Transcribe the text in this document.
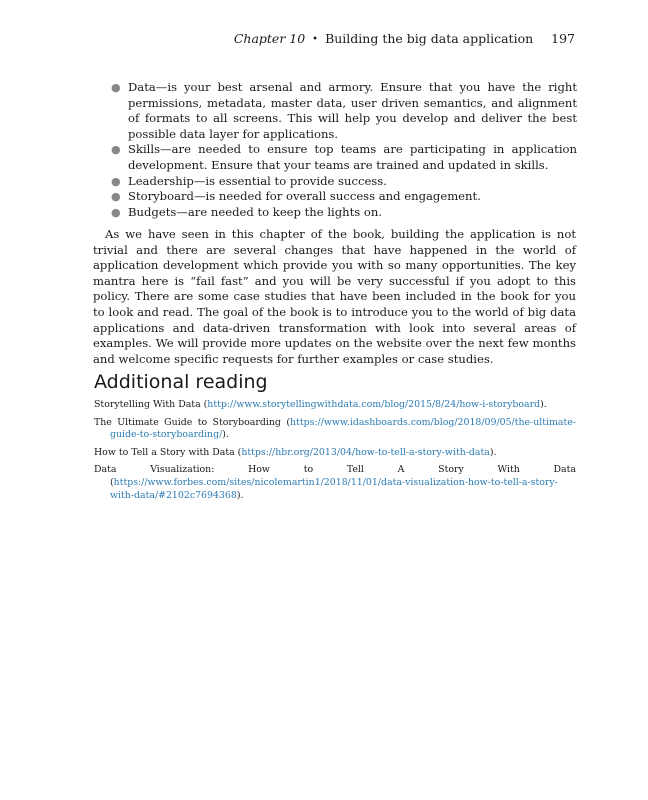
Chapter 10 • Building the big data application 197
● Data—is your best arsenal and armory. Ensure that you have the right permissions, metadata, master data, user driven semantics, and alignment of formats to all screens. This will help you develop and deliver the best possible data layer for applications.
● Skills—are needed to ensure top teams are participating in application development. Ensure that your teams are trained and updated in skills.
● Leadership—is essential to provide success.
● Storyboard—is needed for overall success and engagement.
● Budgets—are needed to keep the lights on.

As we have seen in this chapter of the book, building the application is not trivial and there are several changes that have happened in the world of application development which provide you with so many opportunities. The key mantra here is “fail fast” and you will be very successful if you adopt to this policy. There are some case studies that have been included in the book for you to look and read. The goal of the book is to introduce you to the world of big data applications and data-driven transformation with look into several areas of examples. We will provide more updates on the website over the next few months and welcome specific requests for further examples or case studies.

Additional reading
Storytelling With Data (http://www.storytellingwithdata.com/blog/2015/8/24/how-i-storyboard).
The Ultimate Guide to Storyboarding (https://www.idashboards.com/blog/2018/09/05/the-ultimate-guide-to-storyboarding/).
How to Tell a Story with Data (https://hbr.org/2013/04/how-to-tell-a-story-with-data).
Data Visualization: How to Tell A Story With Data (https://www.forbes.com/sites/nicolemartin1/2018/11/01/data-visualization-how-to-tell-a-story-with-data/#2102c7694368).
